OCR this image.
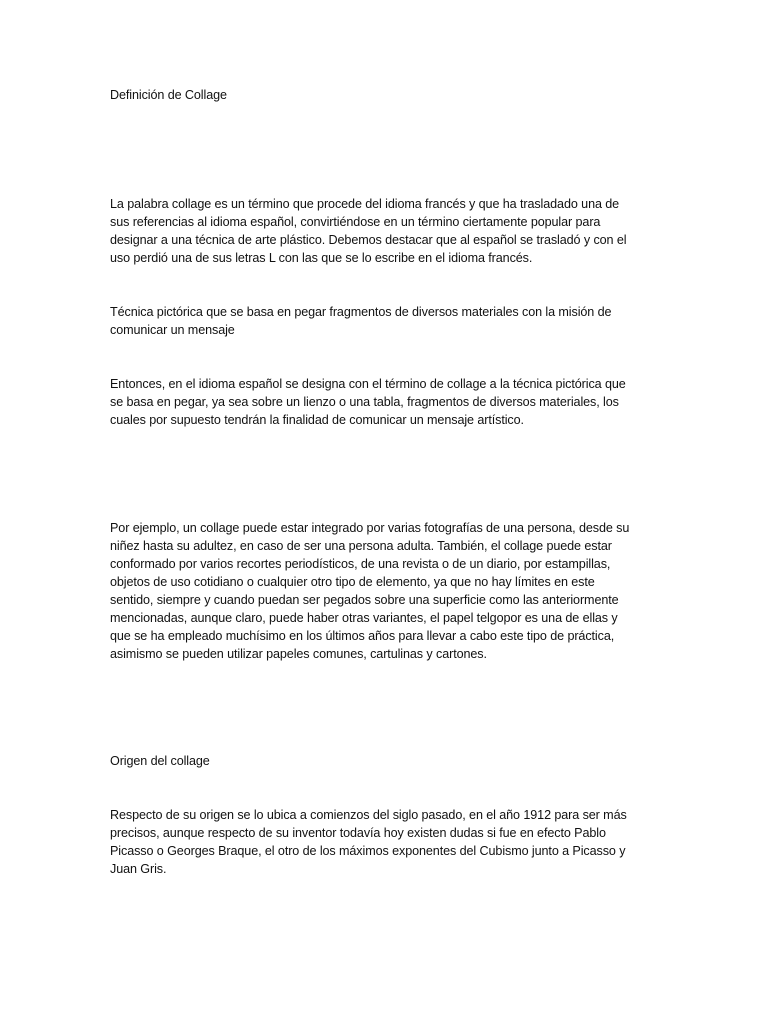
Definición de Collage

La palabra collage es un término que procede del idioma francés y que ha trasladado una de sus referencias al idioma español, convirtiéndose en un término ciertamente popular para designar a una técnica de arte plástico. Debemos destacar que al español se trasladó y con el uso perdió una de sus letras L con las que se lo escribe en el idioma francés.

Técnica pictórica que se basa en pegar fragmentos de diversos materiales con la misión de comunicar un mensaje

Entonces, en el idioma español se designa con el término de collage a la técnica pictórica que se basa en pegar, ya sea sobre un lienzo o una tabla, fragmentos de diversos materiales, los cuales por supuesto tendrán la finalidad de comunicar un mensaje artístico.

Por ejemplo, un collage puede estar integrado por varias fotografías de una persona, desde su niñez hasta su adultez, en caso de ser una persona adulta. También, el collage puede estar conformado por varios recortes periodísticos, de una revista o de un diario, por estampillas, objetos de uso cotidiano o cualquier otro tipo de elemento, ya que no hay límites en este sentido, siempre y cuando puedan ser pegados sobre una superficie como las anteriormente mencionadas, aunque claro, puede haber otras variantes, el papel telgopor es una de ellas y que se ha empleado muchísimo en los últimos años para llevar a cabo este tipo de práctica, asimismo se pueden utilizar papeles comunes, cartulinas y cartones.

Origen del collage

Respecto de su origen se lo ubica a comienzos del siglo pasado, en el año 1912 para ser más precisos, aunque respecto de su inventor todavía hoy existen dudas si fue en efecto Pablo Picasso o Georges Braque, el otro de los máximos exponentes del Cubismo junto a Picasso y Juan Gris.
